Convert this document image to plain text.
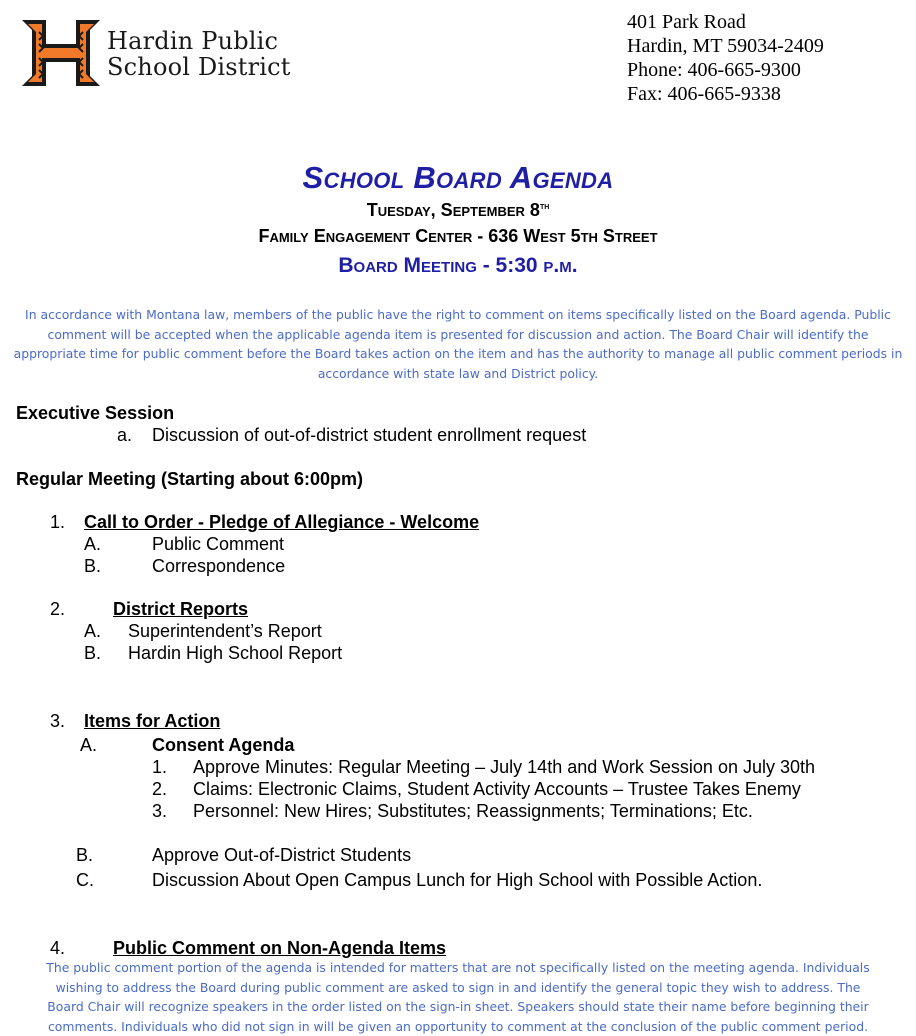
Hardin Public
School District
401 Park Road
Hardin, MT 59034-2409
Phone: 406-665-9300
Fax: 406-665-9338
School Board Agenda
Tuesday, September 8th
Family Engagement Center - 636 West 5th Street
Board Meeting - 5:30 p.m.
In accordance with Montana law, members of the public have the right to comment on items specifically listed on the Board agenda. Public comment will be accepted when the applicable agenda item is presented for discussion and action. The Board Chair will identify the appropriate time for public comment before the Board takes action on the item and has the authority to manage all public comment periods in accordance with state law and District policy.
Executive Session
a. Discussion of out-of-district student enrollment request
Regular Meeting (Starting about 6:00pm)
1. Call to Order - Pledge of Allegiance - Welcome
A.	Public Comment
B.	Correspondence
2.	District Reports
A. Superintendent’s Report
B. Hardin High School Report
3. Items for Action
A.	Consent Agenda
1. Approve Minutes: Regular Meeting – July 14th and Work Session on July 30th
2. Claims: Electronic Claims, Student Activity Accounts – Trustee Takes Enemy
3. Personnel: New Hires; Substitutes; Reassignments; Terminations; Etc.
B.	Approve Out-of-District Students
C.	Discussion About Open Campus Lunch for High School with Possible Action.
4.	Public Comment on Non-Agenda Items
The public comment portion of the agenda is intended for matters that are not specifically listed on the meeting agenda. Individuals wishing to address the Board during public comment are asked to sign in and identify the general topic they wish to address. The Board Chair will recognize speakers in the order listed on the sign-in sheet. Speakers should state their name before beginning their comments. Individuals who did not sign in will be given an opportunity to comment at the conclusion of the public comment period.
